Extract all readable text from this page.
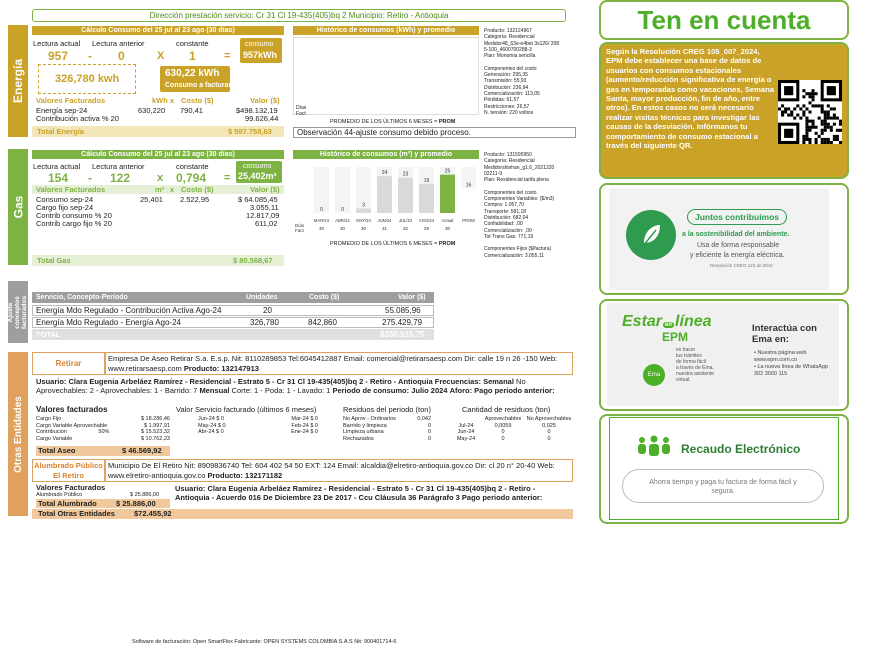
Dirección prestación servicio: Cr 31 Cl 19-435(405)bq 2 Municipio: Retiro - Antioquia
Energía
Cálculo Consumo del 25 jul al 23 ago (30 días)
Lectura actual Lectura anterior	constante	consumo
957kWh
957 - 0	X 1	=
326,780 kwh	630,22 kWh
Consumo a facturar
Valores Facturados	kWh x Costo ($)	Valor ($)
Energía sep-24	630,220 790,41	$498.132,19
Contribución activa % 20	99.626,44
Total Energía	$ 597.758,63
Histórico de consumos (kWh) y promedio
Días
Fact
PROMEDIO DE LOS ÚLTIMOS 6 MESES = PROM
Producto: 132124967
Categoría: Residencial
Medidor48_63e-e4bet 3s126/ 208
5-100_4600700288-3
Plan: Monomia sencilla

Componentes del costo
Generación: 295,35
Transmisión: 55,93
Distribución: 236,94
Comercialización: 113,05
Pérdidas: 61,57
Restricciones: 26,57
N. tensión: 220 voltios
Observación 44-ajuste consumo debido proceso.
Gas
Cálculo Consumo del 25 jul al 23 ago (30 días)
Lectura actual Lectura anterior	constante	consumo
25,402m³
154 - 122 x 0,794 =
Valores Facturados	m³ x Costo ($)	Valor ($)
Consumo sep-24	25,401 2.522,95	$ 64.085,45
Cargo fijo sep-24	3.055,11
Contrib consumo % 20	12.817,09
Contrib cargo fijo % 20	611,02
Total Gas	$ 80.568,67
Histórico de consumos (m³) y promedio
Días
Fact
0
MAR/24
30
0
ABR/24
30
3
MAY/24
30
24
JUN/24
31
23
JUL/24
32
19
AGO/24
29
25
Actual
30
16
PROM
PROMEDIO DE LOS ÚLTIMOS 6 MESES = PROM
Producto: 131595950
Categoría: Residencial
Medidorshinhan_g1.6_2021220
02211-9
Plan: Residencial tarifa plena

Componentes del costo
Componentes Variables: ($/m3)
Compra: 1.057,70
Transporte: 581,18
Distribución: 682,04
Confiabilidad: ,00
Comercialización: ,00
Tot Trans Gas: 771,19

Componentes Fijos ($/factura)
Comercialización: 3.055,11
Ajuste conceptos facturados Servicio, Concepto-Período	Unidades	Costo ($)	Valor ($)
Energía Mdo Regulado - Contribución Activa Ago-24	20	55.085,96
Energía Mdo Regulado - Energía Ago-24	326,780	842,860	275.429,79
TOTAL	$330.515,75
Otras Entidades
Retirar
Empresa De Aseo Retirar S.a. E.s.p. Nit: 8110289853 Tel:6045412887 Email: comercial@retirarsaesp.com Dir: calle 19 n 26 -150 Web: www.retirarsaesp.com Producto: 132147913
Usuario: Clara Eugenia Arbeláez Ramírez - Residencial - Estrato 5 - Cr 31 Cl 19-435(405)bq 2 - Retiro - Antioquia Frecuencias: Semanal No Aprovechables: 2 - Aprovechables: 1 - Barrido: 7 Mensual Corte: 1 - Poda: 1 - Lavado: 1 Periodo de consumo: Julio 2024 Aforo: Pago periodo anterior:
Valores facturados
Cargo Fijo	$ 18.286,46
Cargo Variable Aprovechable	$ 1.997,91
Contribucion	50%	$ 15.523,32
Cargo Variable	$ 10.762,23
Total Aseo	$ 46.569,92
Valor Servicio facturado (últimos 6 meses)
Jun-24 $ 0	Mar-24 $ 0
May-24 $ 0	Feb-24 $ 0
Abr-24 $ 0	Ene-24 $ 0
Residuos del periodo (ton)
No Aprov - Ordinarios	0,042
Barrido y limpieza	0
Limpieza urbana	0
Rechazados	0
Cantidad de residuos (ton)
Aprovechables No Aprovechables
Jul-24	0,0059	0,025
Jun-24	0	0
May-24	0	0
Alumbrado Público El Retiro
Municipio De El Retiro Nit: 8909836740 Tel: 604 402 54 50 EXT: 124 Email: alcaldia@elretiro-antioquia.gov.co Dir: cl 20 n° 20-40 Web: www.elretiro-antioquia.gov.co Producto: 132171182
Valores Facturados
Alumbrado Público	$ 25.886,00
Total Alumbrado	$ 25.886,00
Usuario: Clara Eugenia Arbeláez Ramírez - Residencial - Estrato 5 - Cr 31 Cl 19-435(405)bq 2 - Retiro - Antioquia - Acuerdo 016 De Diciembre 23 De 2017 - Ccu Cláusula 36 Parágrafo 3 Pago periodo anterior:
Total Otras Entidades	$72.455,92
Software de facturación: Open SmartFlex Fabricante: OPEN SYSTEMS COLOMBIA S.A.S Nit: 900401714-6
Ten en cuenta
Según la Resolución CREG 105_007_2024, EPM debe establecer una base de datos de usuarios con consumos estacionales (aumento/reducción significativa de energía o gas en temporadas como vacaciones, Semana Santa, mayor producción, fin de año, entre otros). En estos casos no será necesario realizar visitas técnicas para investigar las causas de la desviación. Infórmanos tu comportamiento de consumo estacional a través del siguiente QR.
Juntos contribuimos
a la sostenibilidad del ambiente.
Usa de forma responsable
y eficiente la energía eléctrica.
Resolución CREG 123 de 2016
Estar en línea
EPM
es hacer
tus trámites
de forma fácil
a través de Ema,
nuestra asistente
virtual.
Ema
Interactúa con Ema en:
• Nuestra página web www.epm.com.co
• La nueva línea de WhatsApp 302 3000 115
Recaudo Electrónico
Ahorra tiempo y paga tu factura de forma fácil y segura.
